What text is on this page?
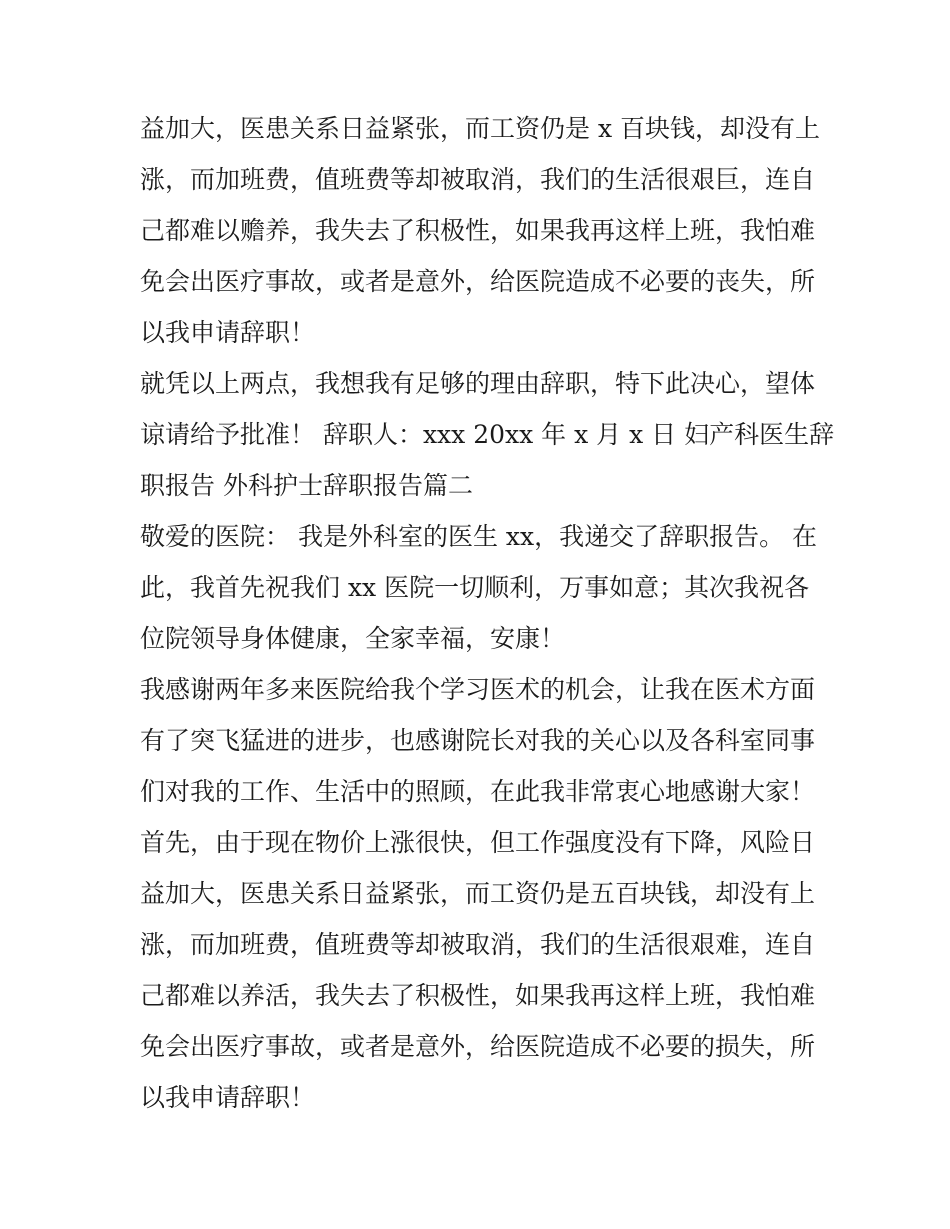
益加大，医患关系日益紧张，而工资仍是 x 百块钱，却没有上
涨，而加班费，值班费等却被取消，我们的生活很艰巨，连自
己都难以赡养，我失去了积极性，如果我再这样上班，我怕难
免会出医疗事故，或者是意外，给医院造成不必要的丧失，所
以我申请辞职！
就凭以上两点，我想我有足够的理由辞职，特下此决心，望体
谅请给予批准！ 辞职人：xxx 20xx 年 x 月 x 日 妇产科医生辞
职报告 外科护士辞职报告篇二
敬爱的医院： 我是外科室的医生 xx，我递交了辞职报告。 在
此，我首先祝我们 xx 医院一切顺利，万事如意；其次我祝各
位院领导身体健康，全家幸福，安康！
我感谢两年多来医院给我个学习医术的机会，让我在医术方面
有了突飞猛进的进步，也感谢院长对我的关心以及各科室同事
们对我的工作、生活中的照顾，在此我非常衷心地感谢大家！
首先，由于现在物价上涨很快，但工作强度没有下降，风险日
益加大，医患关系日益紧张，而工资仍是五百块钱，却没有上
涨，而加班费，值班费等却被取消，我们的生活很艰难，连自
己都难以养活，我失去了积极性，如果我再这样上班，我怕难
免会出医疗事故，或者是意外，给医院造成不必要的损失，所
以我申请辞职！
